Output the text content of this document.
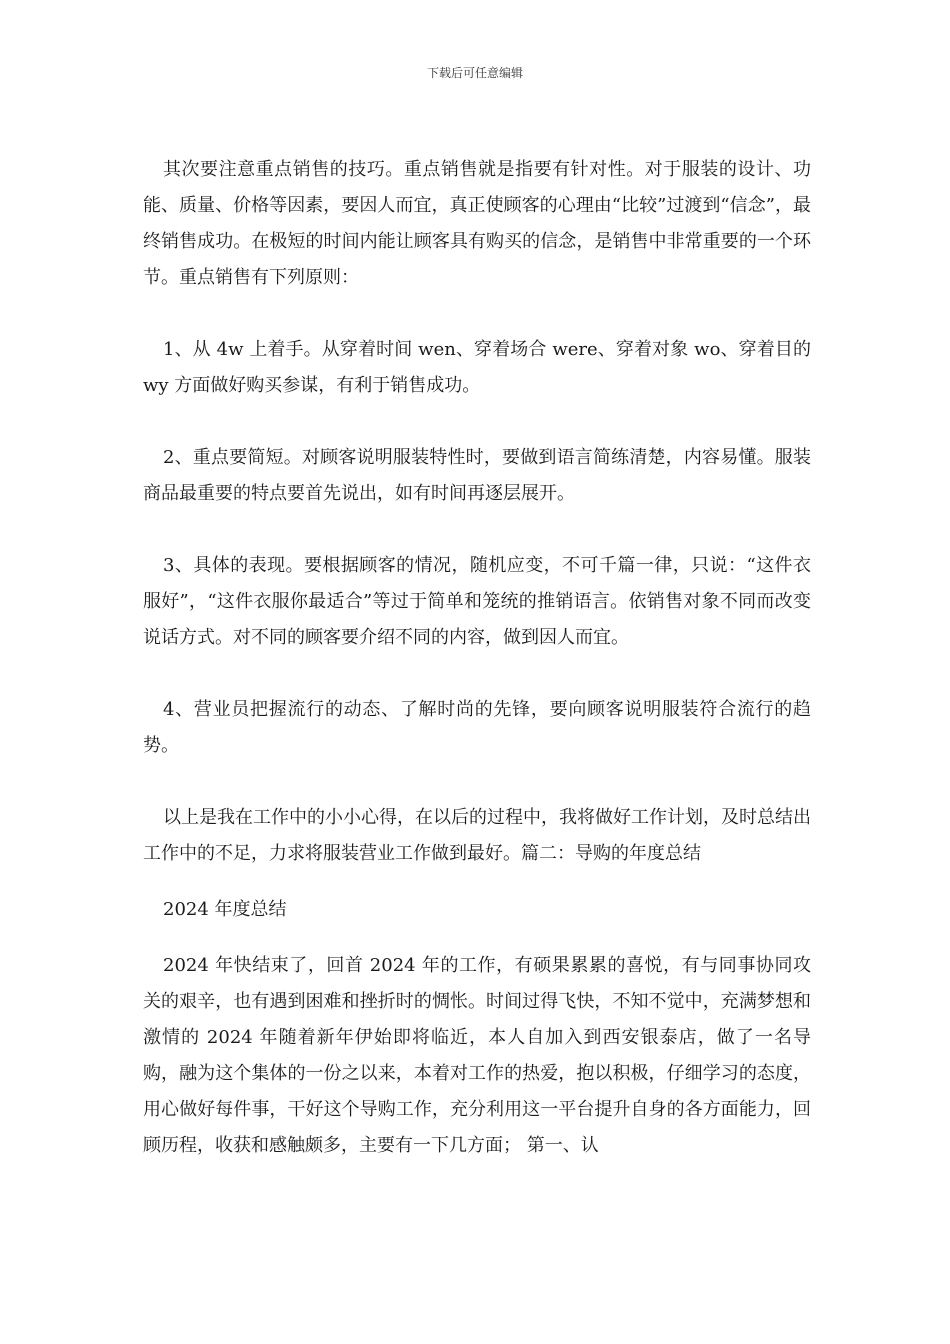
下载后可任意编辑

其次要注意重点销售的技巧。重点销售就是指要有针对性。对于服装的设计、功能、质量、价格等因素，要因人而宜，真正使顾客的心理由“比较”过渡到“信念”，最终销售成功。在极短的时间内能让顾客具有购买的信念，是销售中非常重要的一个环节。重点销售有下列原则：

1、从 4w 上着手。从穿着时间 wen、穿着场合 were、穿着对象 wo、穿着目的 wy 方面做好购买参谋，有利于销售成功。

2、重点要简短。对顾客说明服装特性时，要做到语言简练清楚，内容易懂。服装商品最重要的特点要首先说出，如有时间再逐层展开。

3、具体的表现。要根据顾客的情况，随机应变，不可千篇一律，只说：“这件衣服好”，“这件衣服你最适合”等过于简单和笼统的推销语言。依销售对象不同而改变说话方式。对不同的顾客要介绍不同的内容，做到因人而宜。

4、营业员把握流行的动态、了解时尚的先锋，要向顾客说明服装符合流行的趋势。

以上是我在工作中的小小心得，在以后的过程中，我将做好工作计划，及时总结出工作中的不足，力求将服装营业工作做到最好。篇二：导购的年度总结

2024 年度总结

2024 年快结束了，回首 2024 年的工作，有硕果累累的喜悦，有与同事协同攻关的艰辛，也有遇到困难和挫折时的惆怅。时间过得飞快，不知不觉中，充满梦想和激情的 2024 年随着新年伊始即将临近，本人自加入到西安银泰店，做了一名导购，融为这个集体的一份之以来，本着对工作的热爱，抱以积极，仔细学习的态度，用心做好每件事，干好这个导购工作，充分利用这一平台提升自身的各方面能力，回顾历程，收获和感触颇多，主要有一下几方面； 第一、认
